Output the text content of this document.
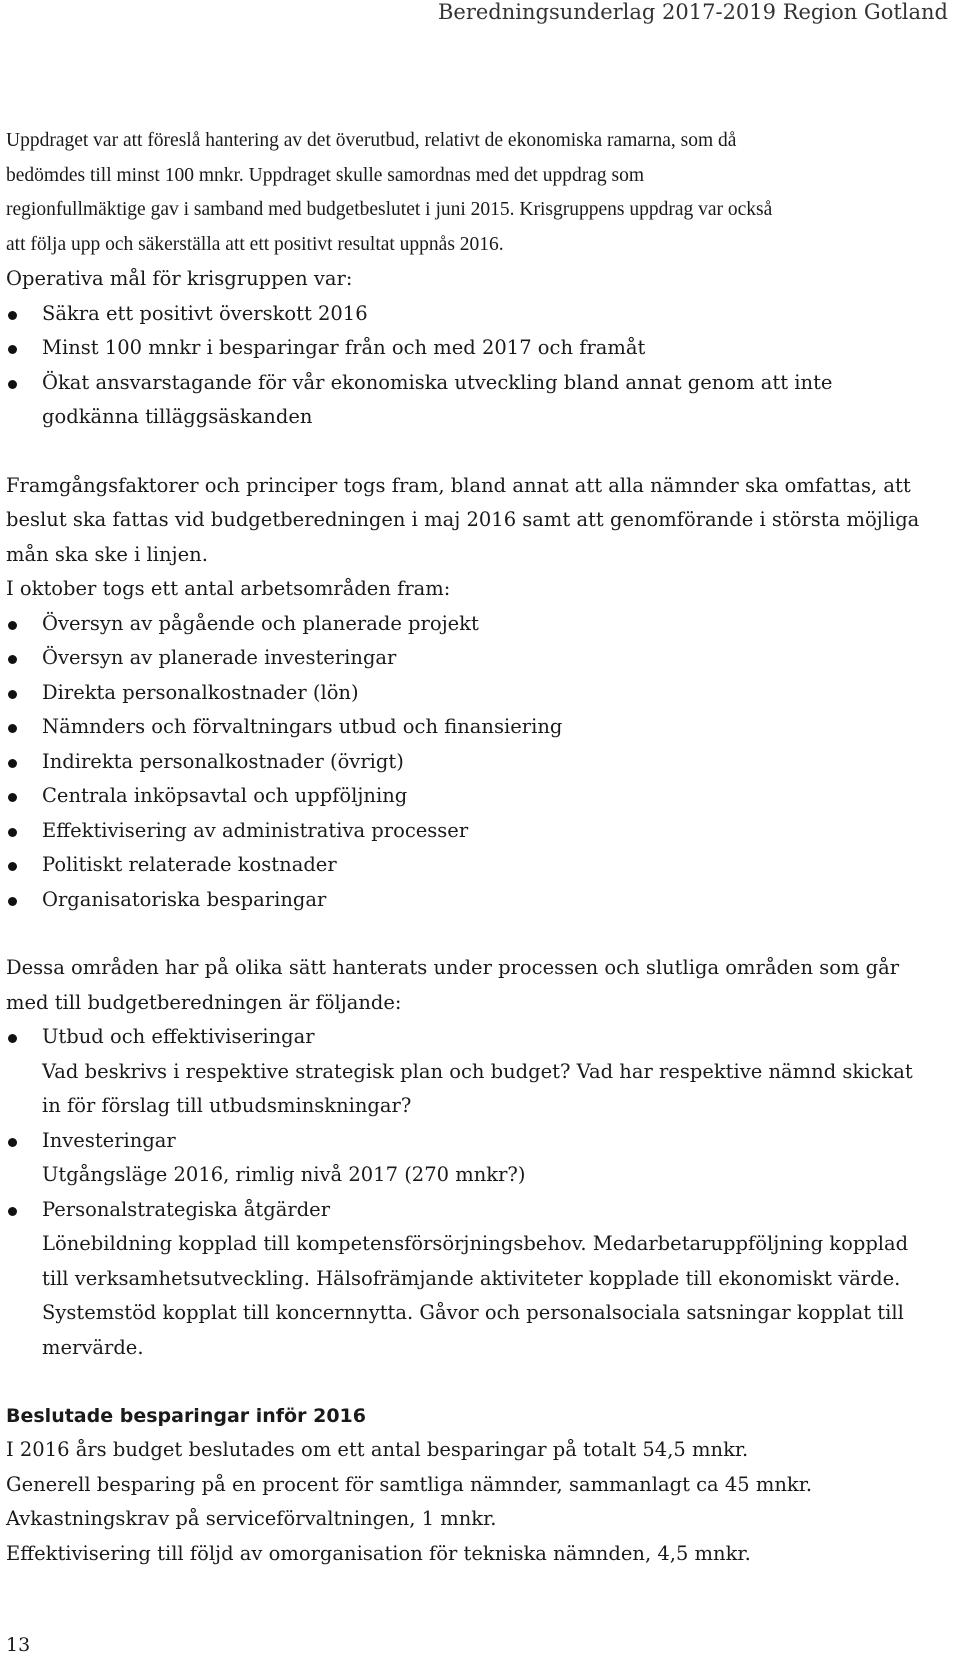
Beredningsunderlag 2017-2019 Region Gotland

Uppdraget var att föreslå hantering av det överutbud, relativt de ekonomiska ramarna, som då

bedömdes till minst 100 mnkr. Uppdraget skulle samordnas med det uppdrag som

regionfullmäktige gav i samband med budgetbeslutet i juni 2015. Krisgruppens uppdrag var också

att följa upp och säkerställa att ett positivt resultat uppnås 2016.

Operativa mål för krisgruppen var:

Säkra ett positivt överskott 2016
Minst 100 mnkr i besparingar från och med 2017 och framåt
Ökat ansvarstagande för vår ekonomiska utveckling bland annat genom att inte godkänna tilläggsäskanden

Framgångsfaktorer och principer togs fram, bland annat att alla nämnder ska omfattas, att beslut ska fattas vid budgetberedningen i maj 2016 samt att genomförande i största möjliga mån ska ske i linjen.

I oktober togs ett antal arbetsområden fram:

Översyn av pågående och planerade projekt
Översyn av planerade investeringar
Direkta personalkostnader (lön)
Nämnders och förvaltningars utbud och finansiering
Indirekta personalkostnader (övrigt)
Centrala inköpsavtal och uppföljning
Effektivisering av administrativa processer
Politiskt relaterade kostnader
Organisatoriska besparingar

Dessa områden har på olika sätt hanterats under processen och slutliga områden som går med till budgetberedningen är följande:

Utbud och effektiviseringar

Vad beskrivs i respektive strategisk plan och budget? Vad har respektive nämnd skickat in för förslag till utbudsminskningar?

Investeringar

Utgångsläge 2016, rimlig nivå 2017 (270 mnkr?)

Personalstrategiska åtgärder

Lönebildning kopplad till kompetensförsörjningsbehov. Medarbetaruppföljning kopplad till verksamhetsutveckling. Hälsofrämjande aktiviteter kopplade till ekonomiskt värde. Systemstöd kopplat till koncernnytta. Gåvor och personalsociala satsningar kopplat till mervärde.

Beslutade besparingar inför 2016

I 2016 års budget beslutades om ett antal besparingar på totalt 54,5 mnkr.

Generell besparing på en procent för samtliga nämnder, sammanlagt ca 45 mnkr.

Avkastningskrav på serviceförvaltningen, 1 mnkr.

Effektivisering till följd av omorganisation för tekniska nämnden, 4,5 mnkr.

13
